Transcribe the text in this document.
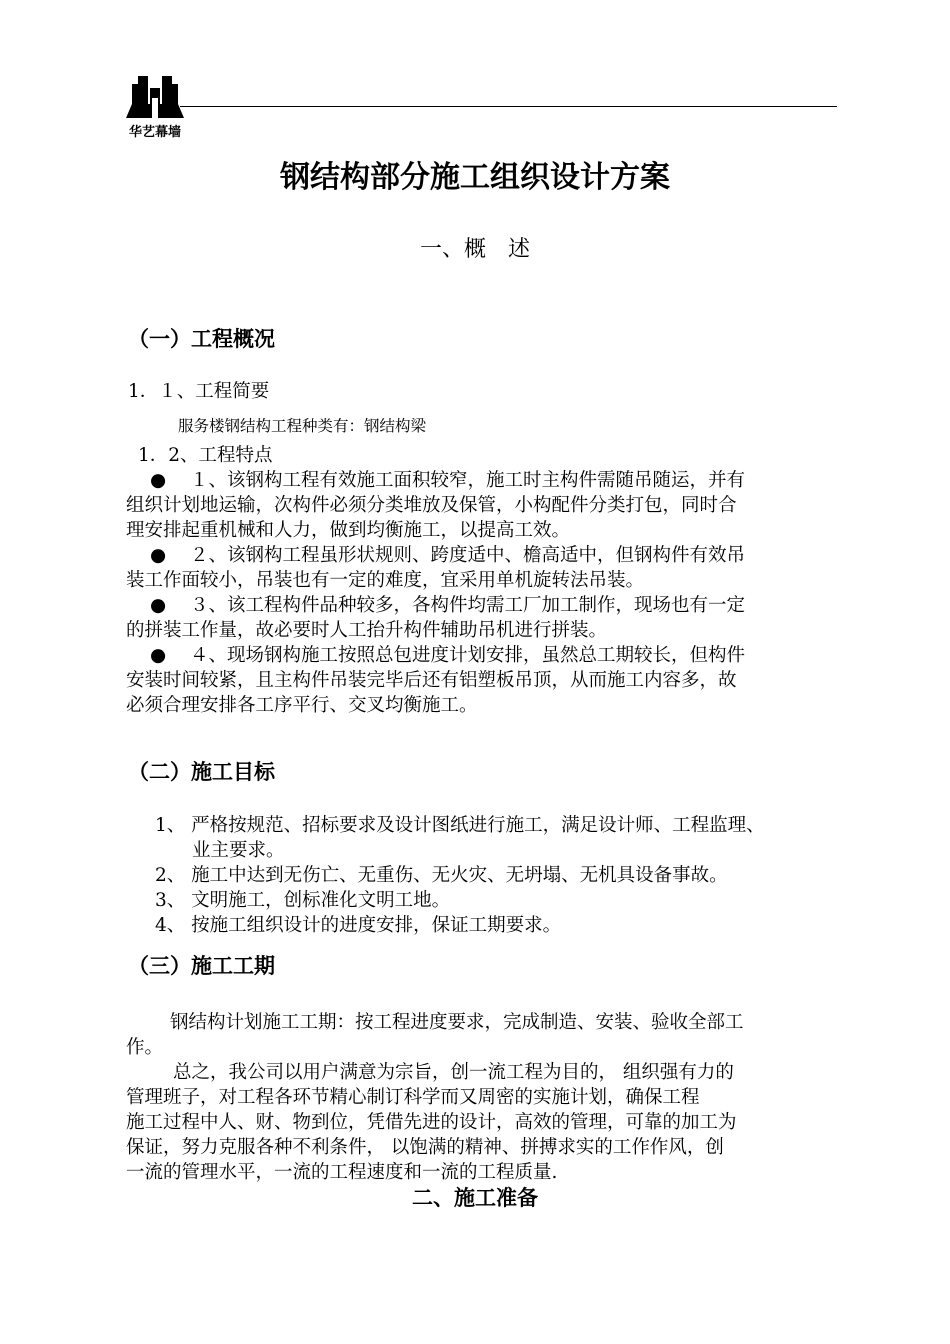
华艺幕墙
钢结构部分施工组织设计方案
一、概　述
（一）工程概况
1．１、工程简要
服务楼钢结构工程种类有：钢结构梁
1．2、工程特点
● １、该钢构工程有效施工面积较窄，施工时主构件需随吊随运，并有
组织计划地运输，次构件必须分类堆放及保管，小构配件分类打包，同时合
理安排起重机械和人力，做到均衡施工，以提高工效。
● ２、该钢构工程虽形状规则、跨度适中、檐高适中，但钢构件有效吊
装工作面较小，吊装也有一定的难度，宜采用单机旋转法吊装。
● ３、该工程构件品种较多，各构件均需工厂加工制作，现场也有一定
的拼装工作量，故必要时人工抬升构件辅助吊机进行拼装。
● ４、现场钢构施工按照总包进度计划安排，虽然总工期较长，但构件
安装时间较紧，且主构件吊装完毕后还有铝塑板吊顶，从而施工内容多，故
必须合理安排各工序平行、交叉均衡施工。
（二）施工目标
1、 严格按规范、招标要求及设计图纸进行施工，满足设计师、工程监理、
业主要求。
2、 施工中达到无伤亡、无重伤、无火灾、无坍塌、无机具设备事故。
3、 文明施工，创标准化文明工地。
4、 按施工组织设计的进度安排，保证工期要求。
（三）施工工期
钢结构计划施工工期：按工程进度要求，完成制造、安装、验收全部工
作。
总之，我公司以用户满意为宗旨，创一流工程为目的， 组织强有力的
管理班子，对工程各环节精心制订科学而又周密的实施计划，确保工程
施工过程中人、财、物到位，凭借先进的设计，高效的管理，可靠的加工为
保证，努力克服各种不利条件， 以饱满的精神、拼搏求实的工作作风，创
一流的管理水平，一流的工程速度和一流的工程质量.
二、施工准备
